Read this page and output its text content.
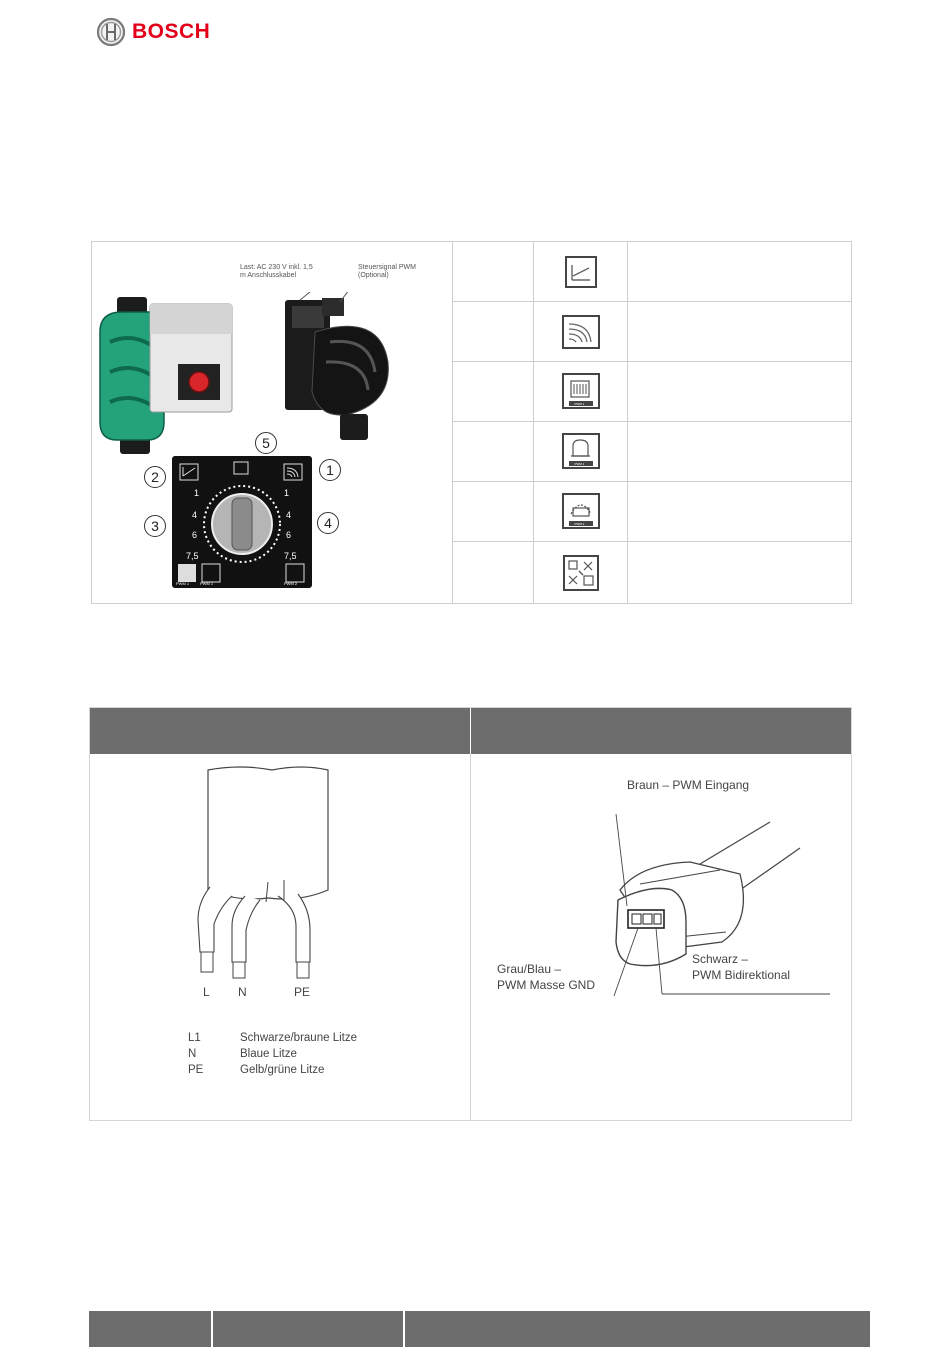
BOSCH
Last: AC 230 V inkl. 1,5 m Anschlusskabel
Steuersignal PWM (Optional)
1
4
6
7,5
1
4
6
7,5
PWM 1	PWM 1	PWM 2
1
2
3	4
5
PWM 1
PWM 1
PWM 2
L N	PE
L1	Schwarze/braune Litze
N	Blaue Litze
PE	Gelb/grüne Litze
Braun – PWM Eingang
Grau/Blau –
PWM Masse GND
Schwarz –
PWM Bidirektional
